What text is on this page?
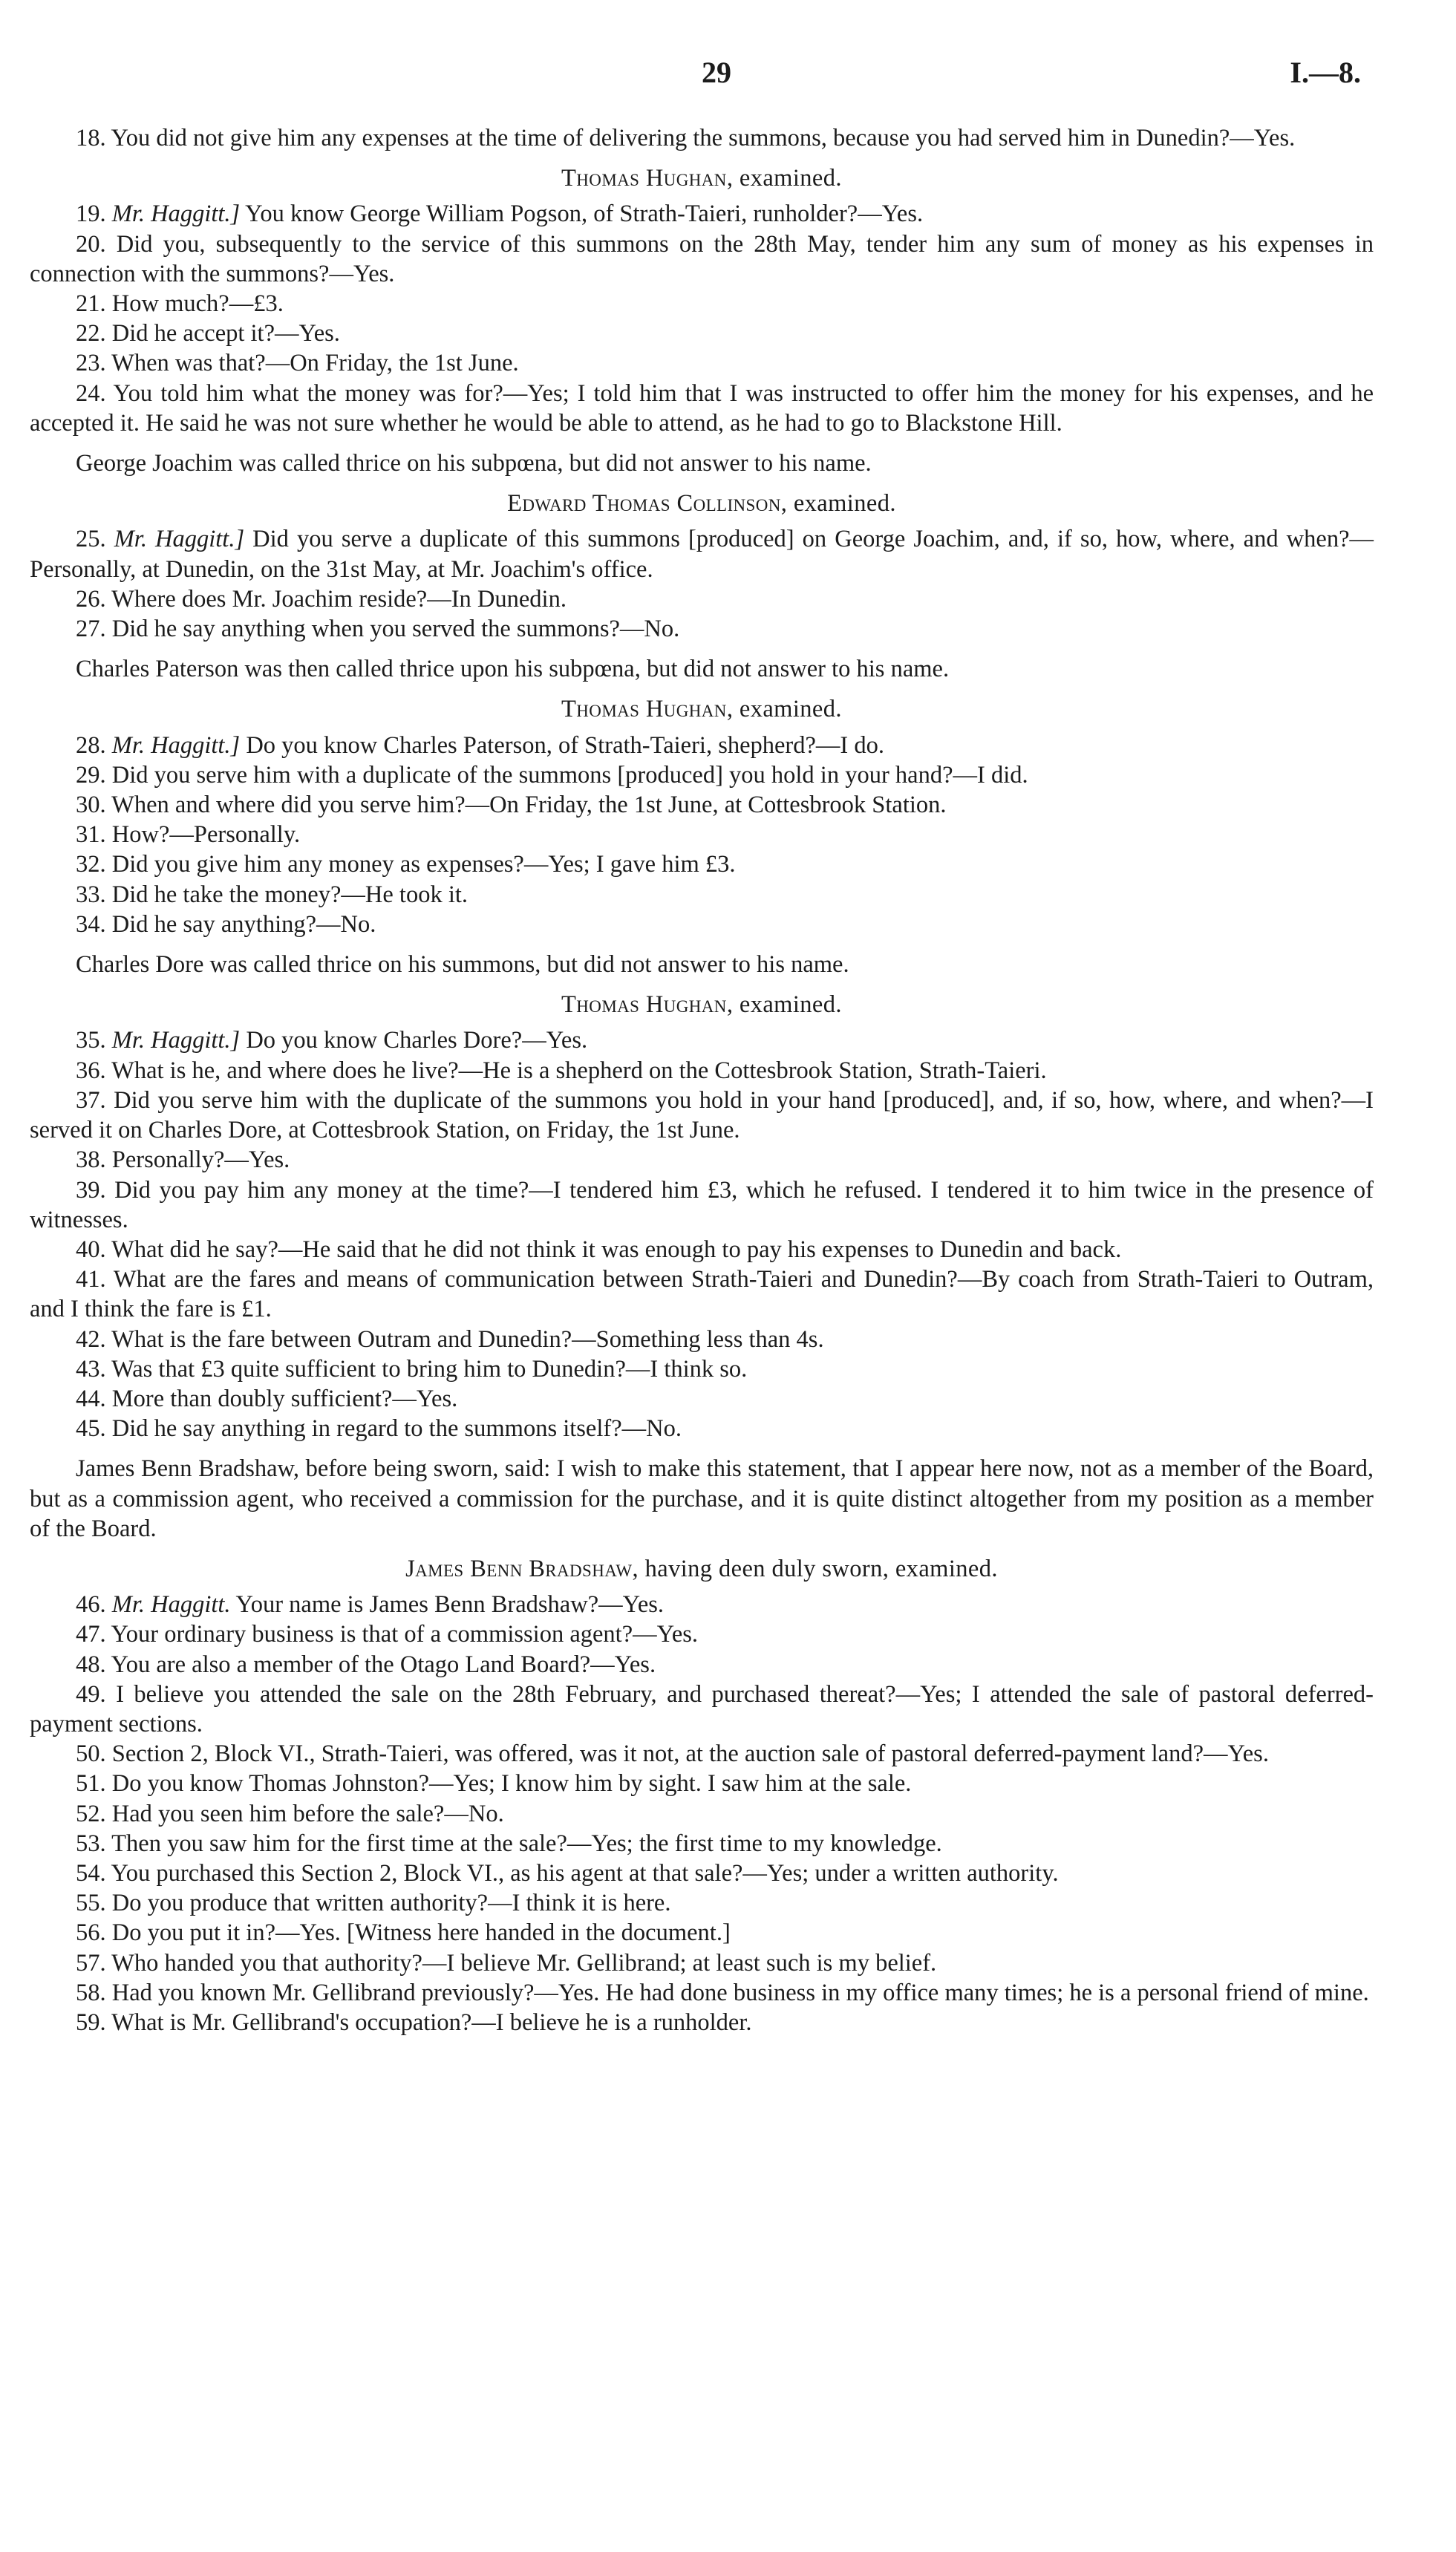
29	I.—8.

18. You did not give him any expenses at the time of delivering the summons, because you had served him in Dunedin?—Yes.

Thomas Hughan, examined.

19. Mr. Haggitt.] You know George William Pogson, of Strath-Taieri, runholder?—Yes.

20. Did you, subsequently to the service of this summons on the 28th May, tender him any sum of money as his expenses in connection with the summons?—Yes.

21. How much?—£3.

22. Did he accept it?—Yes.

23. When was that?—On Friday, the 1st June.

24. You told him what the money was for?—Yes; I told him that I was instructed to offer him the money for his expenses, and he accepted it. He said he was not sure whether he would be able to attend, as he had to go to Blackstone Hill.

George Joachim was called thrice on his subpœna, but did not answer to his name.

Edward Thomas Collinson, examined.

25. Mr. Haggitt.] Did you serve a duplicate of this summons [produced] on George Joachim, and, if so, how, where, and when?—Personally, at Dunedin, on the 31st May, at Mr. Joachim's office.

26. Where does Mr. Joachim reside?—In Dunedin.

27. Did he say anything when you served the summons?—No.

Charles Paterson was then called thrice upon his subpœna, but did not answer to his name.

Thomas Hughan, examined.

28. Mr. Haggitt.] Do you know Charles Paterson, of Strath-Taieri, shepherd?—I do.

29. Did you serve him with a duplicate of the summons [produced] you hold in your hand?—I did.

30. When and where did you serve him?—On Friday, the 1st June, at Cottesbrook Station.

31. How?—Personally.

32. Did you give him any money as expenses?—Yes; I gave him £3.

33. Did he take the money?—He took it.

34. Did he say anything?—No.

Charles Dore was called thrice on his summons, but did not answer to his name.

Thomas Hughan, examined.

35. Mr. Haggitt.] Do you know Charles Dore?—Yes.

36. What is he, and where does he live?—He is a shepherd on the Cottesbrook Station, Strath-Taieri.

37. Did you serve him with the duplicate of the summons you hold in your hand [produced], and, if so, how, where, and when?—I served it on Charles Dore, at Cottesbrook Station, on Friday, the 1st June.

38. Personally?—Yes.

39. Did you pay him any money at the time?—I tendered him £3, which he refused. I tendered it to him twice in the presence of witnesses.

40. What did he say?—He said that he did not think it was enough to pay his expenses to Dunedin and back.

41. What are the fares and means of communication between Strath-Taieri and Dunedin?—By coach from Strath-Taieri to Outram, and I think the fare is £1.

42. What is the fare between Outram and Dunedin?—Something less than 4s.

43. Was that £3 quite sufficient to bring him to Dunedin?—I think so.

44. More than doubly sufficient?—Yes.

45. Did he say anything in regard to the summons itself?—No.

James Benn Bradshaw, before being sworn, said: I wish to make this statement, that I appear here now, not as a member of the Board, but as a commission agent, who received a commission for the purchase, and it is quite distinct altogether from my position as a member of the Board.

James Benn Bradshaw, having deen duly sworn, examined.

46. Mr. Haggitt. Your name is James Benn Bradshaw?—Yes.

47. Your ordinary business is that of a commission agent?—Yes.

48. You are also a member of the Otago Land Board?—Yes.

49. I believe you attended the sale on the 28th February, and purchased thereat?—Yes; I attended the sale of pastoral deferred-payment sections.

50. Section 2, Block VI., Strath-Taieri, was offered, was it not, at the auction sale of pastoral deferred-payment land?—Yes.

51. Do you know Thomas Johnston?—Yes; I know him by sight. I saw him at the sale.

52. Had you seen him before the sale?—No.

53. Then you saw him for the first time at the sale?—Yes; the first time to my knowledge.

54. You purchased this Section 2, Block VI., as his agent at that sale?—Yes; under a written authority.

55. Do you produce that written authority?—I think it is here.

56. Do you put it in?—Yes. [Witness here handed in the document.]

57. Who handed you that authority?—I believe Mr. Gellibrand; at least such is my belief.

58. Had you known Mr. Gellibrand previously?—Yes. He had done business in my office many times; he is a personal friend of mine.

59. What is Mr. Gellibrand's occupation?—I believe he is a runholder.
